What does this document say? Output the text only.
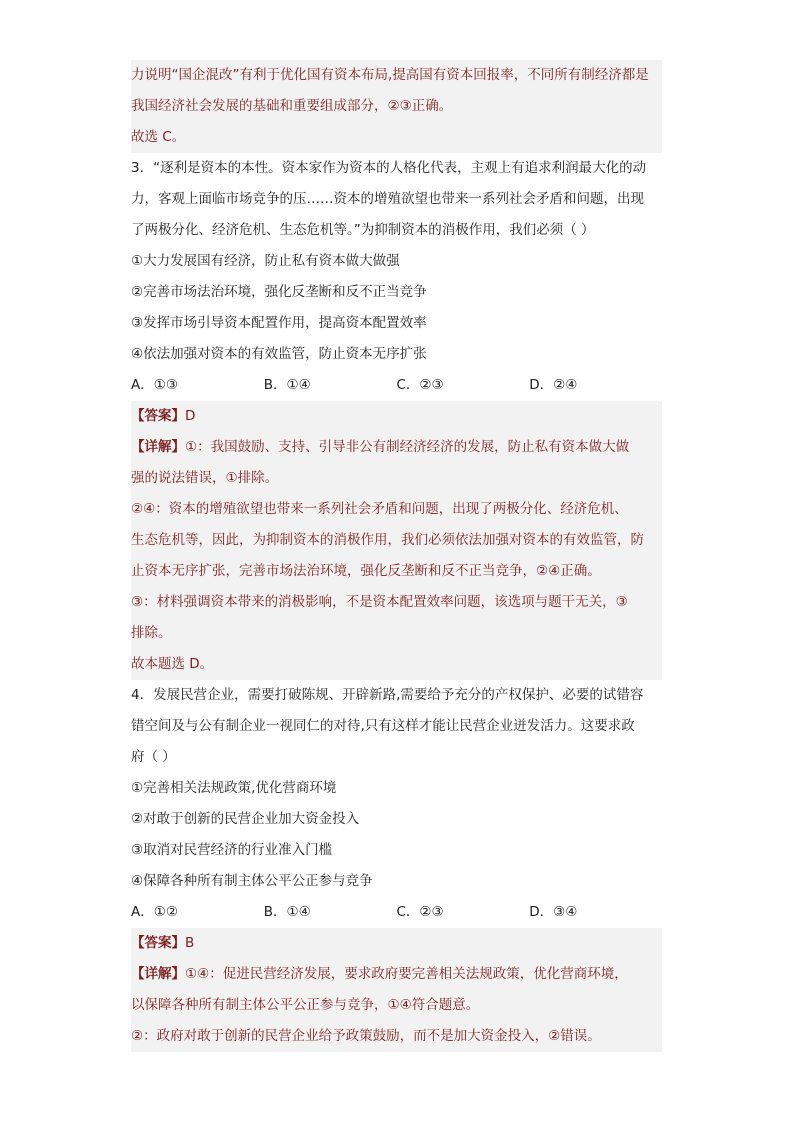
力说明“国企混改”有利于优化国有资本布局,提高国有资本回报率，不同所有制经济都是
我国经济社会发展的基础和重要组成部分，②③正确。
故选 C。
3．“逐利是资本的本性。资本家作为资本的人格化代表，主观上有追求利润最大化的动
力，客观上面临市场竞争的压……资本的增殖欲望也带来一系列社会矛盾和问题，出现
了两极分化、经济危机、生态危机等。”为抑制资本的消极作用，我们必须（ ）
①大力发展国有经济，防止私有资本做大做强
②完善市场法治环境，强化反垄断和反不正当竞争
③发挥市场引导资本配置作用，提高资本配置效率
④依法加强对资本的有效监管，防止资本无序扩张
A．①③	B．①④	C．②③	D．②④
【答案】D
【详解】①：我国鼓励、支持、引导非公有制经济经济的发展，防止私有资本做大做
强的说法错误，①排除。
②④：资本的增殖欲望也带来一系列社会矛盾和问题，出现了两极分化、经济危机、
生态危机等，因此，为抑制资本的消极作用，我们必须依法加强对资本的有效监管，防
止资本无序扩张，完善市场法治环境，强化反垄断和反不正当竞争，②④正确。
③：材料强调资本带来的消极影响，不是资本配置效率问题，该选项与题干无关，③
排除。
故本题选 D。
4．发展民营企业，需要打破陈规、开辟新路,需要给予充分的产权保护、必要的试错容
错空间及与公有制企业一视同仁的对待,只有这样才能让民营企业迸发活力。这要求政
府（ ）
①完善相关法规政策,优化营商环境
②对敢于创新的民营企业加大资金投入
③取消对民营经济的行业准入门槛
④保障各种所有制主体公平公正参与竞争
A．①②	B．①④	C．②③	D．③④
【答案】B
【详解】①④：促进民营经济发展，要求政府要完善相关法规政策，优化营商环境，
以保障各种所有制主体公平公正参与竞争，①④符合题意。
②：政府对敢于创新的民营企业给予政策鼓励，而不是加大资金投入，②错误。
